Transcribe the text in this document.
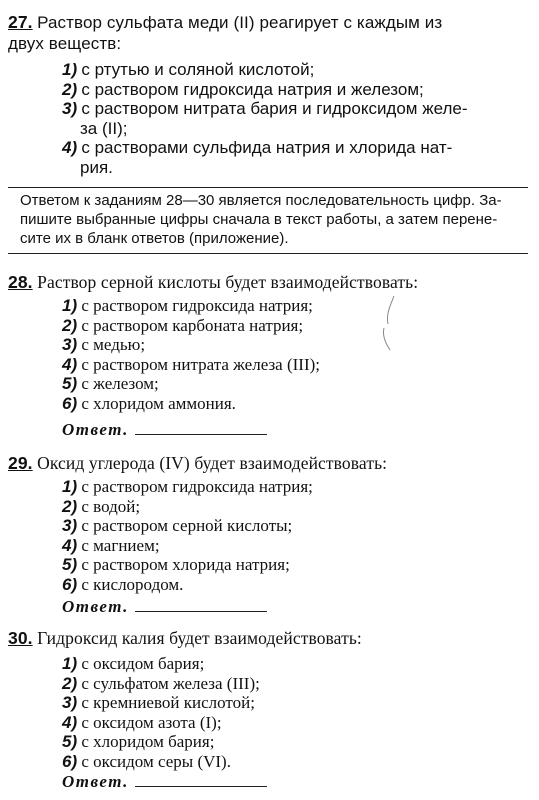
27. Раствор сульфата меди (II) реагирует с каждым из
двух веществ:
1) с ртутью и соляной кислотой;
2) с раствором гидроксида натрия и железом;
3) с раствором нитрата бария и гидроксидом желе-
за (II);
4) с растворами сульфида натрия и хлорида нат-
рия.
Ответом к заданиям 28—30 является последовательность цифр. За-
пишите выбранные цифры сначала в текст работы, а затем перене-
сите их в бланк ответов (приложение).
28. Раствор серной кислоты будет взаимодействовать:
1) с раствором гидроксида натрия;
2) с раствором карбоната натрия;
3) с медью;
4) с раствором нитрата железа (III);
5) с железом;
6) с хлоридом аммония.
Ответ.
29. Оксид углерода (IV) будет взаимодействовать:
1) с раствором гидроксида натрия;
2) с водой;
3) с раствором серной кислоты;
4) с магнием;
5) с раствором хлорида натрия;
6) с кислородом.
Ответ.
30. Гидроксид калия будет взаимодействовать:
1) с оксидом бария;
2) с сульфатом железа (III);
3) с кремниевой кислотой;
4) с оксидом азота (I);
5) с хлоридом бария;
6) с оксидом серы (VI).
Ответ.
